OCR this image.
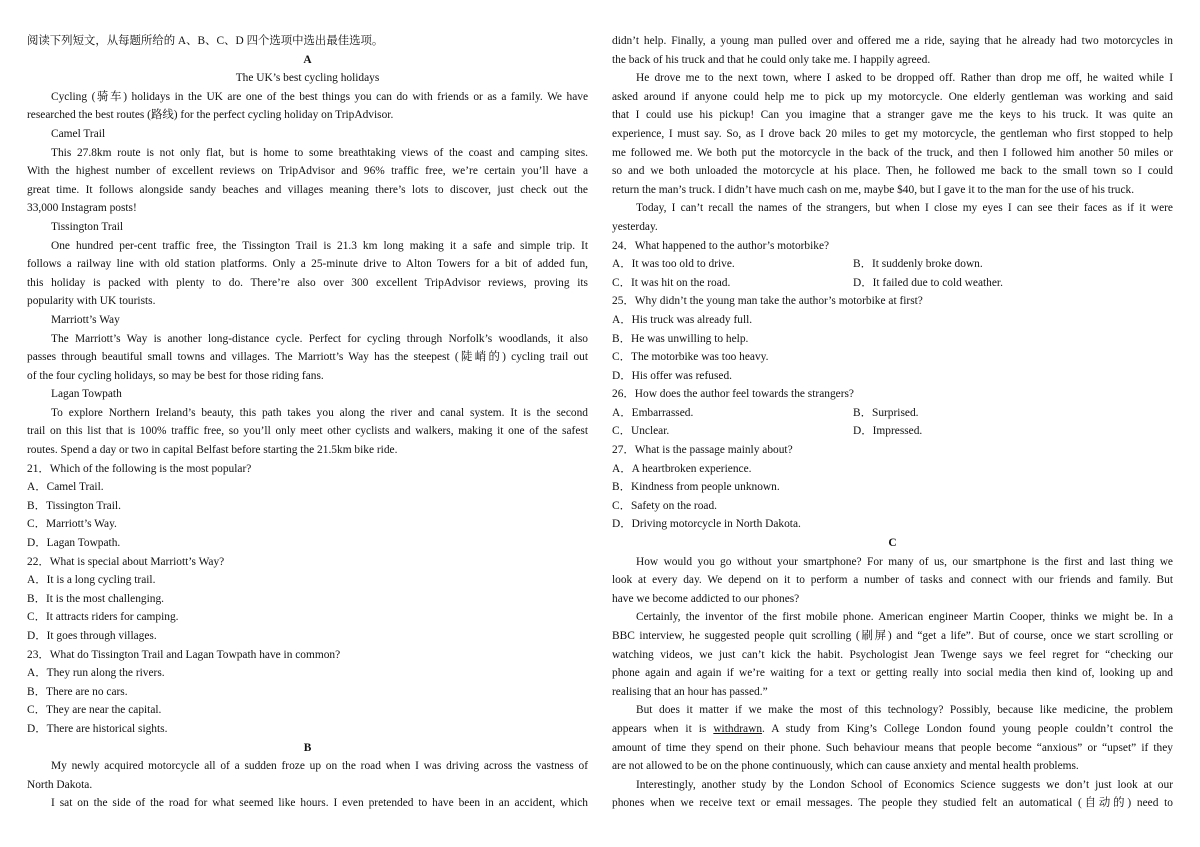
阅读下列短文，从每题所给的 A、B、C、D 四个选项中选出最佳选项。
A
The UK’s best cycling holidays
Cycling (骑车) holidays in the UK are one of the best things you can do with friends or as a family. We have
researched the best routes (路线) for the perfect cycling holiday on TripAdvisor.
Camel Trail
This 27.8km route is not only flat, but is home to some breathtaking views of the coast and camping sites.
With the highest number of excellent reviews on TripAdvisor and 96% traffic free, we’re certain you’ll have a
great time. It follows alongside sandy beaches and villages meaning there’s lots to discover, just check out the
33,000 Instagram posts!
Tissington Trail
One hundred per-cent traffic free, the Tissington Trail is 21.3 km long making it a safe and simple trip. It
follows a railway line with old station platforms. Only a 25-minute drive to Alton Towers for a bit of added fun,
this holiday is packed with plenty to do. There’re also over 300 excellent TripAdvisor reviews, proving its
popularity with UK tourists.
Marriott’s Way
The Marriott’s Way is another long-distance cycle. Perfect for cycling through Norfolk’s woodlands, it also
passes through beautiful small towns and villages. The Marriott’s Way has the steepest (陡峭的) cycling trail out
of the four cycling holidays, so may be best for those riding fans.
Lagan Towpath
To explore Northern Ireland’s beauty, this path takes you along the river and canal system. It is the second
trail on this list that is 100% traffic free, so you’ll only meet other cyclists and walkers, making it one of the safest
routes. Spend a day or two in capital Belfast before starting the 21.5km bike ride.
21．Which of the following is the most popular?
A．Camel Trail.
B．Tissington Trail.
C．Marriott’s Way.
D．Lagan Towpath.
22．What is special about Marriott’s Way?
A．It is a long cycling trail.
B．It is the most challenging.
C．It attracts riders for camping.
D．It goes through villages.
23．What do Tissington Trail and Lagan Towpath have in common?
A．They run along the rivers.
B．There are no cars.
C．They are near the capital.
D．There are historical sights.
B
My newly acquired motorcycle all of a sudden froze up on the road when I was driving across the vastness of
North Dakota.
I sat on the side of the road for what seemed like hours. I even pretended to have been in an accident, which
didn’t help. Finally, a young man pulled over and offered me a ride, saying that he already had two motorcycles in
the back of his truck and that he could only take me. I happily agreed.
He drove me to the next town, where I asked to be dropped off. Rather than drop me off, he waited while I
asked around if anyone could help me to pick up my motorcycle. One elderly gentleman was working and said
that I could use his pickup! Can you imagine that a stranger gave me the keys to his truck. It was quite an
experience, I must say. So, as I drove back 20 miles to get my motorcycle, the gentleman who first stopped to help
me followed me. We both put the motorcycle in the back of the truck, and then I followed him another 50 miles or
so and we both unloaded the motorcycle at his place. Then, he followed me back to the small town so I could
return the man’s truck. I didn’t have much cash on me, maybe $40, but I gave it to the man for the use of his truck.
Today, I can’t recall the names of the strangers, but when I close my eyes I can see their faces as if it were
yesterday.
24．What happened to the author’s motorbike?
A．It was too old to drive.	B．It suddenly broke down.
C．It was hit on the road.	D．It failed due to cold weather.
25．Why didn’t the young man take the author’s motorbike at first?
A．His truck was already full.
B．He was unwilling to help.
C．The motorbike was too heavy.
D．His offer was refused.
26．How does the author feel towards the strangers?
A．Embarrassed.	B．Surprised.
C．Unclear.	D．Impressed.
27．What is the passage mainly about?
A．A heartbroken experience.
B．Kindness from people unknown.
C．Safety on the road.
D．Driving motorcycle in North Dakota.
C
How would you go without your smartphone? For many of us, our smartphone is the first and last thing we
look at every day. We depend on it to perform a number of tasks and connect with our friends and family. But
have we become addicted to our phones?
Certainly, the inventor of the first mobile phone. American engineer Martin Cooper, thinks we might be. In a
BBC interview, he suggested people quit scrolling (刷屏) and “get a life”. But of course, once we start scrolling or
watching videos, we just can’t kick the habit. Psychologist Jean Twenge says we feel regret for “checking our
phone again and again if we’re waiting for a text or getting really into social media then kind of, looking up and
realising that an hour has passed.”
But does it matter if we make the most of this technology? Possibly, because like medicine, the problem
appears when it is withdrawn. A study from King’s College London found young people couldn’t control the
amount of time they spend on their phone. Such behaviour means that people become “anxious” or “upset” if they
are not allowed to be on the phone continuously, which can cause anxiety and mental health problems.
Interestingly, another study by the London School of Economics Science suggests we don’t just look at our
phones when we receive text or email messages. The people they studied felt an automatical (自动的) need to
